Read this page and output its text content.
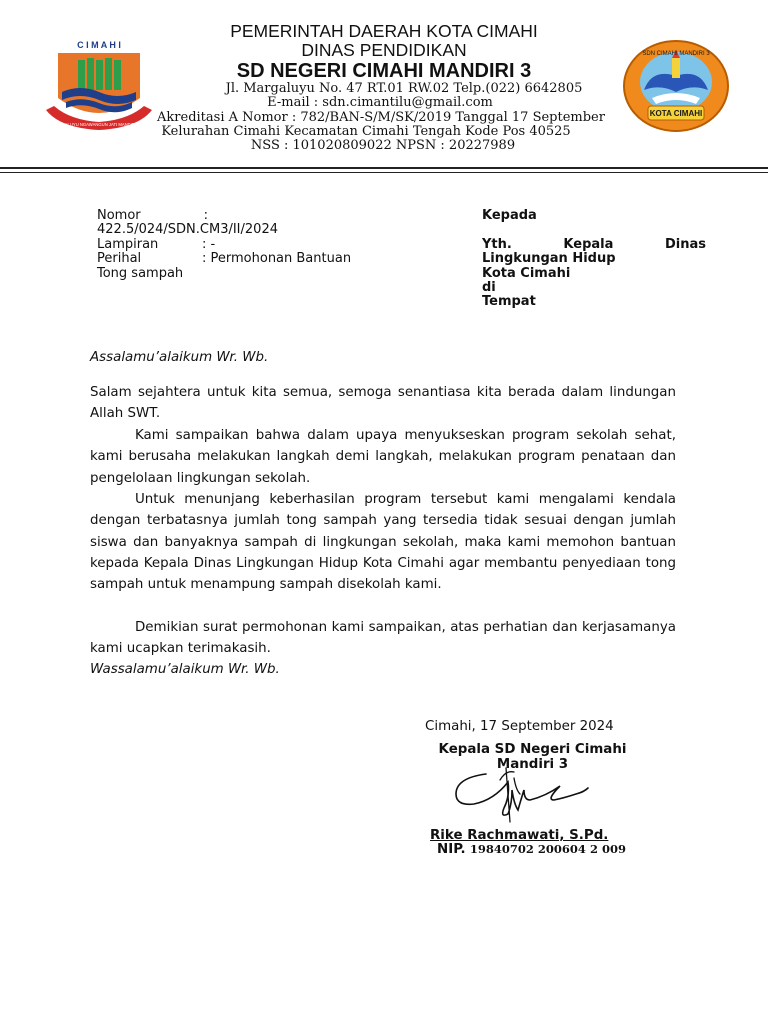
C I M A H I
SALUYU NGAWANGUN JATI MANDIRI
SDN CIMAHI MANDIRI 3
KOTA CIMAHI
PEMERINTAH DAERAH KOTA CIMAHI
DINAS PENDIDIKAN
SD NEGERI CIMAHI MANDIRI 3
Jl. Margaluyu No. 47 RT.01 RW.02 Telp.(022) 6642805
E-mail : sdn.cimantilu@gmail.com
Akreditasi A Nomor : 782/BAN-S/M/SK/2019 Tanggal 17 September
Kelurahan Cimahi Kecamatan Cimahi Tengah Kode Pos 40525
NSS : 101020809022 NPSN : 20227989
Nomor	:
422.5/024/SDN.CM3/II/2024
Lampiran	: -
Perihal	: Permohonan Bantuan
Tong sampah
Kepada
Yth.	Kepala	Dinas
Lingkungan Hidup
Kota Cimahi
di
Tempat
Assalamu’alaikum Wr. Wb.
Salam sejahtera untuk kita semua, semoga senantiasa kita berada dalam lindungan Allah SWT.
Kami sampaikan bahwa dalam upaya menyukseskan program sekolah sehat, kami berusaha melakukan langkah demi langkah, melakukan program penataan dan pengelolaan lingkungan sekolah.
Untuk menunjang keberhasilan program tersebut kami mengalami kendala dengan terbatasnya jumlah tong sampah yang tersedia tidak sesuai dengan jumlah siswa dan banyaknya sampah di lingkungan sekolah, maka kami memohon bantuan kepada Kepala Dinas Lingkungan Hidup Kota Cimahi agar membantu penyediaan tong sampah untuk menampung sampah disekolah kami.
Demikian surat permohonan kami sampaikan, atas perhatian dan kerjasamanya kami ucapkan terimakasih.
Wassalamu’alaikum Wr. Wb.
Cimahi, 17 September 2024
Kepala SD Negeri Cimahi
Mandiri 3
Rike Rachmawati, S.Pd.
NIP. 19840702 200604 2 009
